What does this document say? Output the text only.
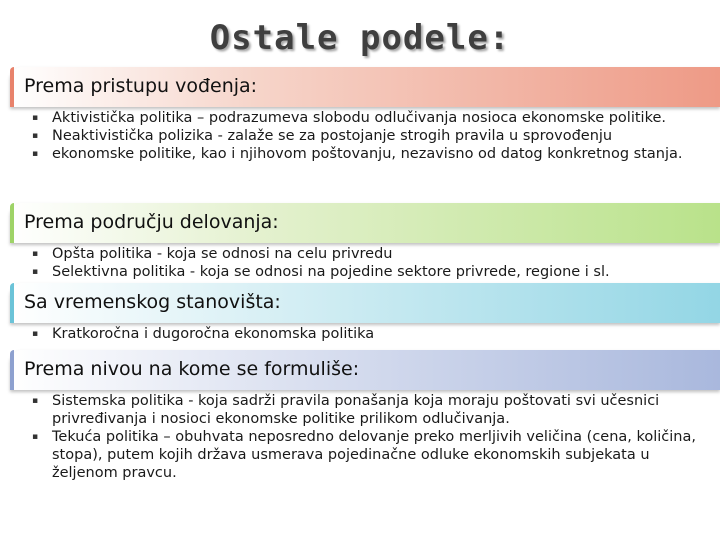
Ostale podele:
Prema pristupu vođenja:
▪ Aktivistička politika – podrazumeva slobodu odlučivanja nosioca ekonomske politike.
▪ Neaktivistička polizika - zalaže se za postojanje strogih pravila u sprovođenju
▪ ekonomske politike, kao i njihovom poštovanju, nezavisno od datog konkretnog stanja.
Prema području delovanja:
▪ Opšta politika - koja se odnosi na celu privredu
▪ Selektivna politika - koja se odnosi na pojedine sektore privrede, regione i sl.
Sa vremenskog stanovišta:
▪ Kratkoročna i dugoročna ekonomska politika
Prema nivou na kome se formuliše:
▪ Sistemska politika - koja sadrži pravila ponašanja koja moraju poštovati svi učesnici privređivanja i nosioci ekonomske politike prilikom odlučivanja.
▪ Tekuća politika – obuhvata neposredno delovanje preko merljivih veličina (cena, količina, stopa), putem kojih država usmerava pojedinačne odluke ekonomskih subjekata u željenom pravcu.
